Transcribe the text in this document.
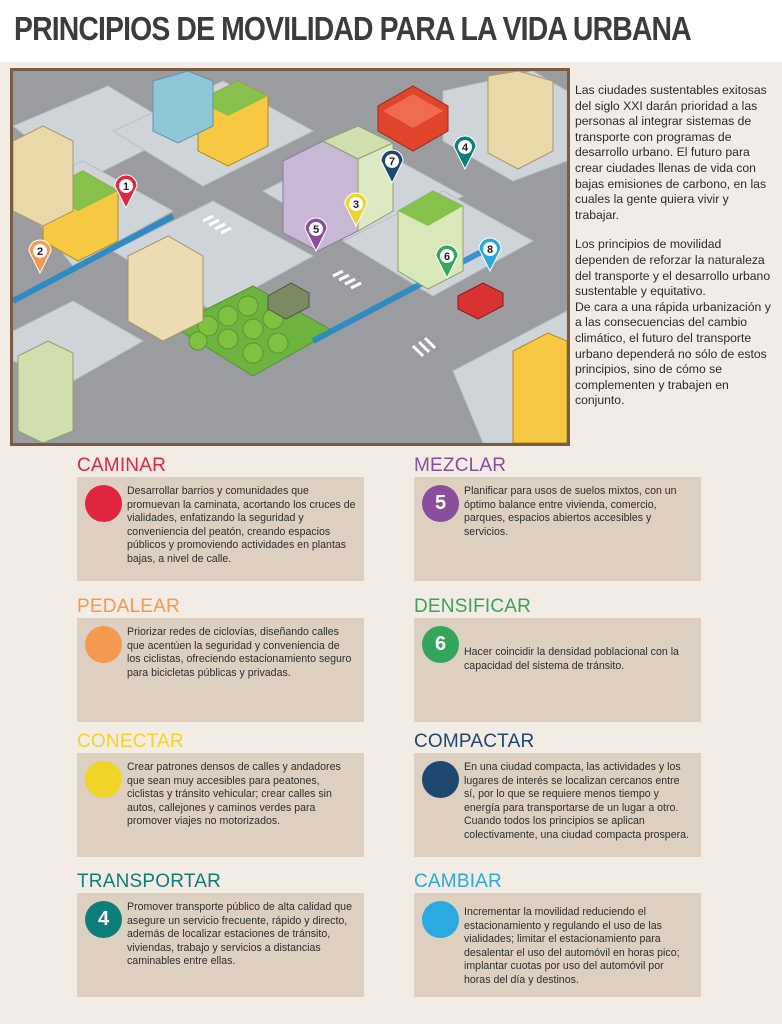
PRINCIPIOS DE MOVILIDAD PARA LA VIDA URBANA
1
2
3
4
5
6
7
8

Las ciudades sustentables exitosas del siglo XXI darán prioridad a las personas al integrar sistemas de transporte con programas de desarrollo urbano. El futuro para crear ciudades llenas de vida con bajas emisiones de carbono, en las cuales la gente quiera vivir y trabajar.

Los principios de movilidad dependen de reforzar la naturaleza del transporte y el desarrollo urbano sustentable y equitativo.

De cara a una rápida urbanización y a las consecuencias del cambio climático, el futuro del transporte urbano dependerá no sólo de estos principios, sino de cómo se complementen y trabajen en conjunto.

CAMINAR
Desarrollar barrios y comunidades que promuevan la caminata, acortando los cruces de vialidades, enfatizando la seguridad y conveniencia del peatón, creando espacios públicos y promoviendo actividades en plantas bajas, a nivel de calle.
PEDALEAR
Priorizar redes de ciclovías, diseñando calles que acentúen la seguridad y conveniencia de los ciclistas, ofreciendo estacionamiento seguro para bicicletas públicas y privadas.
CONECTAR
Crear patrones densos de calles y andadores que sean muy accesibles para peatones, ciclistas y tránsito vehicular; crear calles sin autos, callejones y caminos verdes para promover viajes no motorizados.
TRANSPORTAR
4
Promover transporte público de alta calidad que asegure un servicio frecuente, rápido y directo, además de localizar estaciones de tránsito, viviendas, trabajo y servicios a distancias caminables entre ellas.
MEZCLAR
5
Planificar para usos de suelos mixtos, con un óptimo balance entre vivienda, comercio, parques, espacios abiertos accesibles y servicios.
DENSIFICAR
6	Hacer coincidir la densidad poblacional con la capacidad del sistema de tránsito.
COMPACTAR
En una ciudad compacta, las actividades y los lugares de interés se localizan cercanos entre sí, por lo que se requiere menos tiempo y energía para transportarse de un lugar a otro. Cuando todos los principios se aplican colectivamente, una ciudad compacta prospera.
CAMBIAR
Incrementar la movilidad reduciendo el estacionamiento y regulando el uso de las vialidades; limitar el estacionamiento para desalentar el uso del automóvil en horas pico; implantar cuotas por uso del automóvil por horas del día y destinos.
